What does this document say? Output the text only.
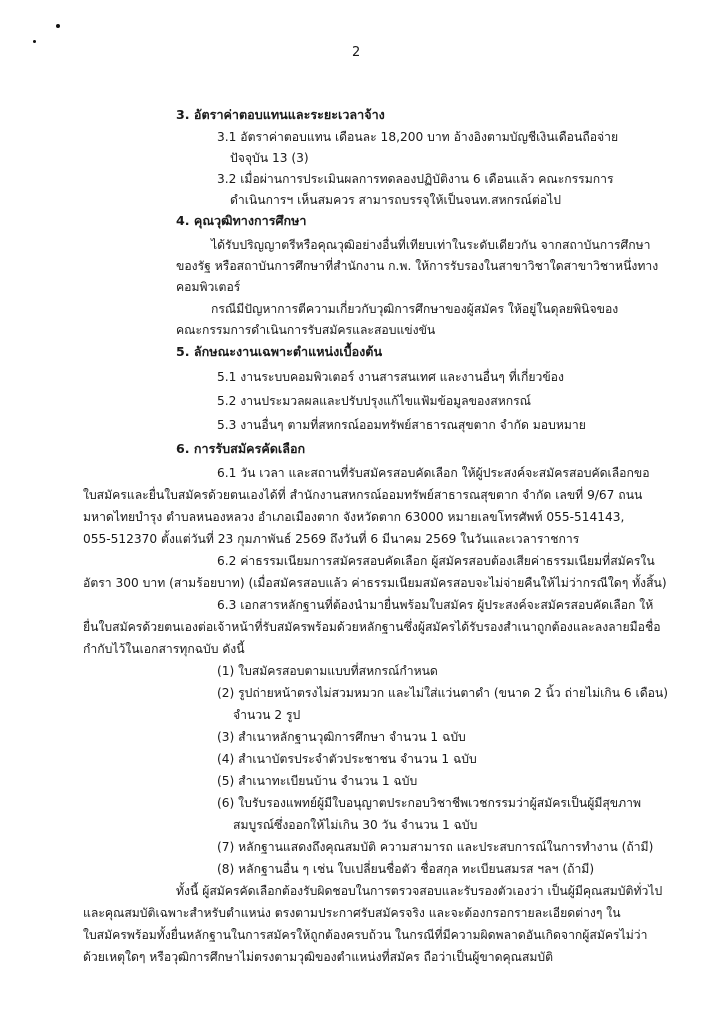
2
3. อัตราค่าตอบแทนและระยะเวลาจ้าง
3.1 อัตราค่าตอบแทน เดือนละ 18,200 บาท อ้างอิงตามบัญชีเงินเดือนถือจ่าย
ปัจจุบัน 13 (3)
3.2 เมื่อผ่านการประเมินผลการทดลองปฏิบัติงาน 6 เดือนแล้ว คณะกรรมการ
ดำเนินการฯ เห็นสมควร สามารถบรรจุให้เป็นจนท.สหกรณ์ต่อไป
4. คุณวุฒิทางการศึกษา
ได้รับปริญญาตรีหรือคุณวุฒิอย่างอื่นที่เทียบเท่าในระดับเดียวกัน จากสถาบันการศึกษา
ของรัฐ หรือสถาบันการศึกษาที่สำนักงาน ก.พ. ให้การรับรองในสาขาวิชาใดสาขาวิชาหนึ่งทาง
คอมพิวเตอร์
กรณีมีปัญหาการตีความเกี่ยวกับวุฒิการศึกษาของผู้สมัคร ให้อยู่ในดุลยพินิจของ
คณะกรรมการดำเนินการรับสมัครและสอบแข่งขัน
5. ลักษณะงานเฉพาะตำแหน่งเบื้องต้น
5.1 งานระบบคอมพิวเตอร์ งานสารสนเทศ และงานอื่นๆ ที่เกี่ยวข้อง
5.2 งานประมวลผลและปรับปรุงแก้ไขแฟ้มข้อมูลของสหกรณ์
5.3 งานอื่นๆ ตามที่สหกรณ์ออมทรัพย์สาธารณสุขตาก จำกัด มอบหมาย
6. การรับสมัครคัดเลือก
6.1 วัน เวลา และสถานที่รับสมัครสอบคัดเลือก ให้ผู้ประสงค์จะสมัครสอบคัดเลือกขอ
ใบสมัครและยื่นใบสมัครด้วยตนเองได้ที่ สำนักงานสหกรณ์ออมทรัพย์สาธารณสุขตาก จำกัด เลขที่ 9/67 ถนน
มหาดไทยบำรุง ตำบลหนองหลวง อำเภอเมืองตาก จังหวัดตาก 63000 หมายเลขโทรศัพท์ 055-514143,
055-512370 ตั้งแต่วันที่ 23 กุมภาพันธ์ 2569 ถึงวันที่ 6 มีนาคม 2569 ในวันและเวลาราชการ
6.2 ค่าธรรมเนียมการสมัครสอบคัดเลือก ผู้สมัครสอบต้องเสียค่าธรรมเนียมที่สมัครใน
อัตรา 300 บาท (สามร้อยบาท) (เมื่อสมัครสอบแล้ว ค่าธรรมเนียมสมัครสอบจะไม่จ่ายคืนให้ไม่ว่ากรณีใดๆ ทั้งสิ้น)
6.3 เอกสารหลักฐานที่ต้องนำมายื่นพร้อมใบสมัคร ผู้ประสงค์จะสมัครสอบคัดเลือก ให้
ยื่นใบสมัครด้วยตนเองต่อเจ้าหน้าที่รับสมัครพร้อมด้วยหลักฐานซึ่งผู้สมัครได้รับรองสำเนาถูกต้องและลงลายมือชื่อ
กำกับไว้ในเอกสารทุกฉบับ ดังนี้
(1) ใบสมัครสอบตามแบบที่สหกรณ์กำหนด
(2) รูปถ่ายหน้าตรงไม่สวมหมวก และไม่ใส่แว่นตาดำ (ขนาด 2 นิ้ว ถ่ายไม่เกิน 6 เดือน)
จำนวน 2 รูป
(3) สำเนาหลักฐานวุฒิการศึกษา จำนวน 1 ฉบับ
(4) สำเนาบัตรประจำตัวประชาชน จำนวน 1 ฉบับ
(5) สำเนาทะเบียนบ้าน จำนวน 1 ฉบับ
(6) ใบรับรองแพทย์ผู้มีใบอนุญาตประกอบวิชาชีพเวชกรรมว่าผู้สมัครเป็นผู้มีสุขภาพ
สมบูรณ์ซึ่งออกให้ไม่เกิน 30 วัน จำนวน 1 ฉบับ
(7) หลักฐานแสดงถึงคุณสมบัติ ความสามารถ และประสบการณ์ในการทำงาน (ถ้ามี)
(8) หลักฐานอื่น ๆ เช่น ใบเปลี่ยนชื่อตัว ชื่อสกุล ทะเบียนสมรส ฯลฯ (ถ้ามี)
ทั้งนี้ ผู้สมัครคัดเลือกต้องรับผิดชอบในการตรวจสอบและรับรองตัวเองว่า เป็นผู้มีคุณสมบัติทั่วไป
และคุณสมบัติเฉพาะสำหรับตำแหน่ง ตรงตามประกาศรับสมัครจริง และจะต้องกรอกรายละเอียดต่างๆ ใน
ใบสมัครพร้อมทั้งยื่นหลักฐานในการสมัครให้ถูกต้องครบถ้วน ในกรณีที่มีความผิดพลาดอันเกิดจากผู้สมัครไม่ว่า
ด้วยเหตุใดๆ หรือวุฒิการศึกษาไม่ตรงตามวุฒิของตำแหน่งที่สมัคร ถือว่าเป็นผู้ขาดคุณสมบัติ
